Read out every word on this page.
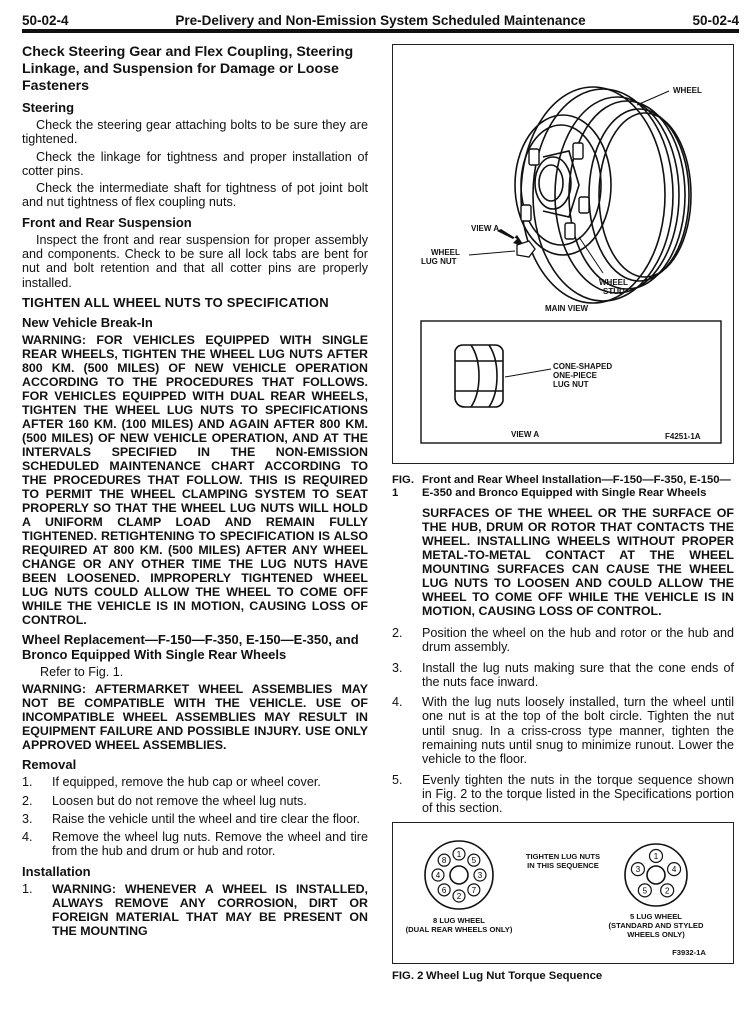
50-02-4	Pre-Delivery and Non-Emission System Scheduled Maintenance	50-02-4
Check Steering Gear and Flex Coupling, Steering Linkage, and Suspension for Damage or Loose Fasteners
Steering

Check the steering gear attaching bolts to be sure they are tightened.

Check the linkage for tightness and proper installation of cotter pins.

Check the intermediate shaft for tightness of pot joint bolt and nut tightness of flex coupling nuts.

Front and Rear Suspension

Inspect the front and rear suspension for proper assembly and components. Check to be sure all lock tabs are bent for nut and bolt retention and that all cotter pins are properly installed.

TIGHTEN ALL WHEEL NUTS TO SPECIFICATION
New Vehicle Break-In

WARNING: FOR VEHICLES EQUIPPED WITH SINGLE REAR WHEELS, TIGHTEN THE WHEEL LUG NUTS AFTER 800 KM. (500 MILES) OF NEW VEHICLE OPERATION ACCORDING TO THE PROCEDURES THAT FOLLOWS. FOR VEHICLES EQUIPPED WITH DUAL REAR WHEELS, TIGHTEN THE WHEEL LUG NUTS TO SPECIFICATIONS AFTER 160 KM. (100 MILES) AND AGAIN AFTER 800 KM. (500 MILES) OF NEW VEHICLE OPERATION, AND AT THE INTERVALS SPECIFIED IN THE NON-EMISSION SCHEDULED MAINTENANCE CHART ACCORDING TO THE PROCEDURES THAT FOLLOW. THIS IS REQUIRED TO PERMIT THE WHEEL CLAMPING SYSTEM TO SEAT PROPERLY SO THAT THE WHEEL LUG NUTS WILL HOLD A UNIFORM CLAMP LOAD AND REMAIN FULLY TIGHTENED. RETIGHTENING TO SPECIFICATION IS ALSO REQUIRED AT 800 KM. (500 MILES) AFTER ANY WHEEL CHANGE OR ANY OTHER TIME THE LUG NUTS HAVE BEEN LOOSENED. IMPROPERLY TIGHTENED WHEEL LUG NUTS COULD ALLOW THE WHEEL TO COME OFF WHILE THE VEHICLE IS IN MOTION, CAUSING LOSS OF CONTROL.

Wheel Replacement—F-150—F-350, E-150—E-350, and Bronco Equipped With Single Rear Wheels

Refer to Fig. 1.

WARNING: AFTERMARKET WHEEL ASSEMBLIES MAY NOT BE COMPATIBLE WITH THE VEHICLE. USE OF INCOMPATIBLE WHEEL ASSEMBLIES MAY RESULT IN EQUIPMENT FAILURE AND POSSIBLE INJURY. USE ONLY APPROVED WHEEL ASSEMBLIES.

Removal
1.	If equipped, remove the hub cap or wheel cover.
2.	Loosen but do not remove the wheel lug nuts.
3.	Raise the vehicle until the wheel and tire clear the floor.
4.	Remove the wheel lug nuts. Remove the wheel and tire from the hub and drum or hub and rotor.
Installation
1.	WARNING: WHENEVER A WHEEL IS INSTALLED, ALWAYS REMOVE ANY CORROSION, DIRT OR FOREIGN MATERIAL THAT MAY BE PRESENT ON THE MOUNTING
WHEEL
VIEW A
WHEEL
LUG NUT
WHEEL
STUD
MAIN VIEW
CONE-SHAPED
ONE-PIECE
LUG NUT
VIEW A	F4251-1A
FIG. 1
Front and Rear Wheel Installation—F-150—F-350, E-150—E-350 and Bronco Equipped with Single Rear Wheels

SURFACES OF THE WHEEL OR THE SURFACE OF THE HUB, DRUM OR ROTOR THAT CONTACTS THE WHEEL. INSTALLING WHEELS WITHOUT PROPER METAL-TO-METAL CONTACT AT THE WHEEL MOUNTING SURFACES CAN CAUSE THE WHEEL LUG NUTS TO LOOSEN AND COULD ALLOW THE WHEEL TO COME OFF WHILE THE VEHICLE IS IN MOTION, CAUSING LOSS OF CONTROL.

2.	Position the wheel on the hub and rotor or the hub and drum assembly.
3.	Install the lug nuts making sure that the cone ends of the nuts face inward.
4.	With the lug nuts loosely installed, turn the wheel until one nut is at the top of the bolt circle. Tighten the nut until snug. In a criss-cross type manner, tighten the remaining nuts until snug to minimize runout. Lower the vehicle to the floor.
5.	Evenly tighten the nuts in the torque sequence shown in Fig. 2 to the torque listed in the Specifications portion of this section.
1
5
3
7
2
6
4
8	1
4
2
5
3
TIGHTEN LUG NUTS
IN THIS SEQUENCE
8 LUG WHEEL
(DUAL REAR WHEELS ONLY)
5 LUG WHEEL
(STANDARD AND STYLED
WHEELS ONLY)
F3932-1A
FIG. 2 Wheel Lug Nut Torque Sequence
